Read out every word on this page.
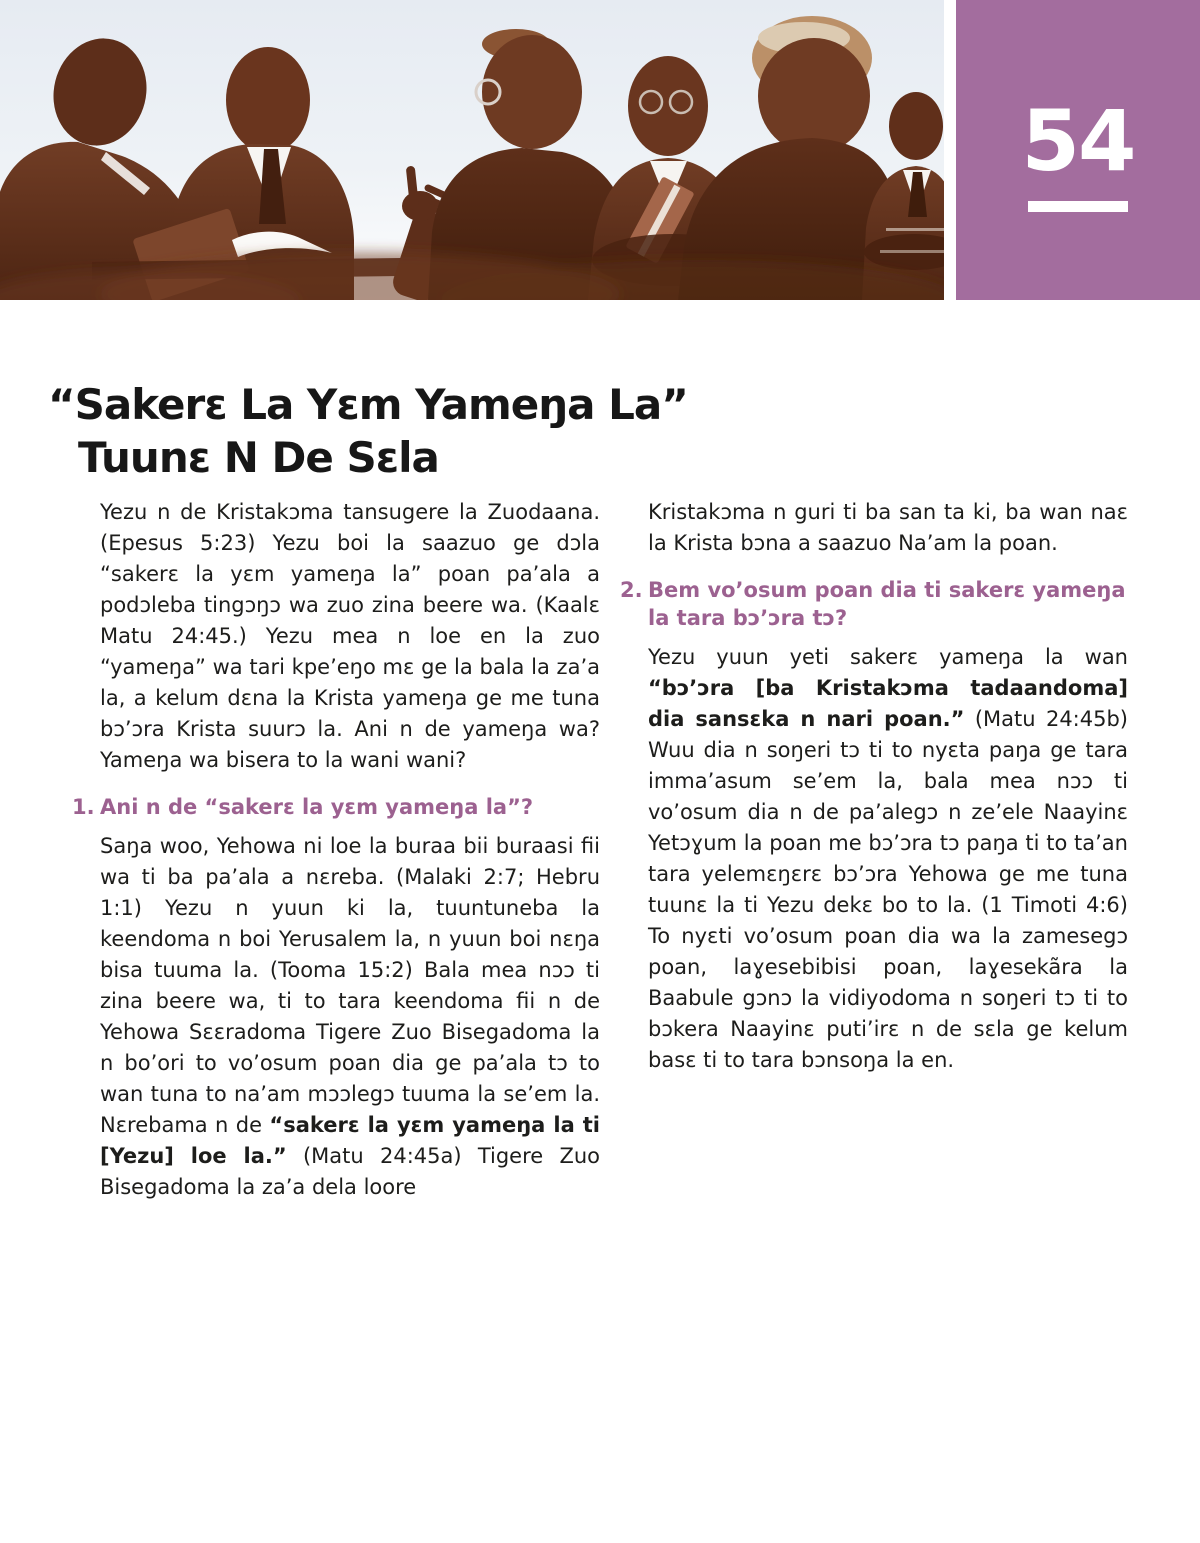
54
“Sakerɛ La Yɛm Yameŋa La”
Tuunɛ N De Sɛla

Yezu n de Kristakɔma tansugere la Zuodaana. (Epesus 5:23) Yezu boi la saazuo ge dɔla “sakerɛ la yɛm yameŋa la” poan pa’ala a podɔleba tingɔŋɔ wa zuo zina beere wa. (Kaalɛ Matu 24:45.) Yezu mea n loe en la zuo “yameŋa” wa tari kpe’eŋo mɛ ge la bala la za’a la, a kelum dɛna la Krista yameŋa ge me tuna bɔ’ɔra Krista suurɔ la. Ani n de yameŋa wa? Yameŋa wa bisera to la wani wani?

1. Ani n de “sakerɛ la yɛm yameŋa la”?

Saŋa woo, Yehowa ni loe la buraa bii buraasi fii wa ti ba pa’ala a nɛreba. (Malaki 2:7; Hebru 1:1) Yezu n yuun ki la, tuuntuneba la keendoma n boi Yerusalem la, n yuun boi nɛŋa bisa tuuma la. (Tooma 15:2) Bala mea nɔɔ ti zina beere wa, ti to tara keendoma fii n de Yehowa Sɛɛradoma Tigere Zuo Bisegadoma la n bo’ori to vo’osum poan dia ge pa’ala tɔ to wan tuna to na’am mɔɔlegɔ tuuma la se’em la. Nɛrebama n de “sakerɛ la yɛm yameŋa la ti [Yezu] loe la.” (Matu 24:45a) Tigere Zuo Bisegadoma la za’a dela loore

Kristakɔma n guri ti ba san ta ki, ba wan naɛ la Krista bɔna a saazuo Na’am la poan.

2. Bem vo’osum poan dia ti sakerɛ yameŋa la tara bɔ’ɔra tɔ?

Yezu yuun yeti sakerɛ yameŋa la wan “bɔ’ɔra [ba Kristakɔma tadaandoma] dia sansɛka n nari poan.” (Matu 24:45b) Wuu dia n soŋeri tɔ ti to nyɛta paŋa ge tara imma’asum se’em la, bala mea nɔɔ ti vo’osum dia n de pa’alegɔ n ze’ele Naayinɛ Yetɔɣum la poan me bɔ’ɔra tɔ paŋa ti to ta’an tara yelemɛŋɛrɛ bɔ’ɔra Yehowa ge me tuna tuunɛ la ti Yezu dekɛ bo to la. (1 Timoti 4:6) To nyɛti vo’osum poan dia wa la zamesegɔ poan, laɣesebibisi poan, laɣesekãra la Baabule gɔnɔ la vidiyodoma n soŋeri tɔ ti to bɔkera Naayinɛ puti’irɛ n de sɛla ge kelum basɛ ti to tara bɔnsoŋa la en.
